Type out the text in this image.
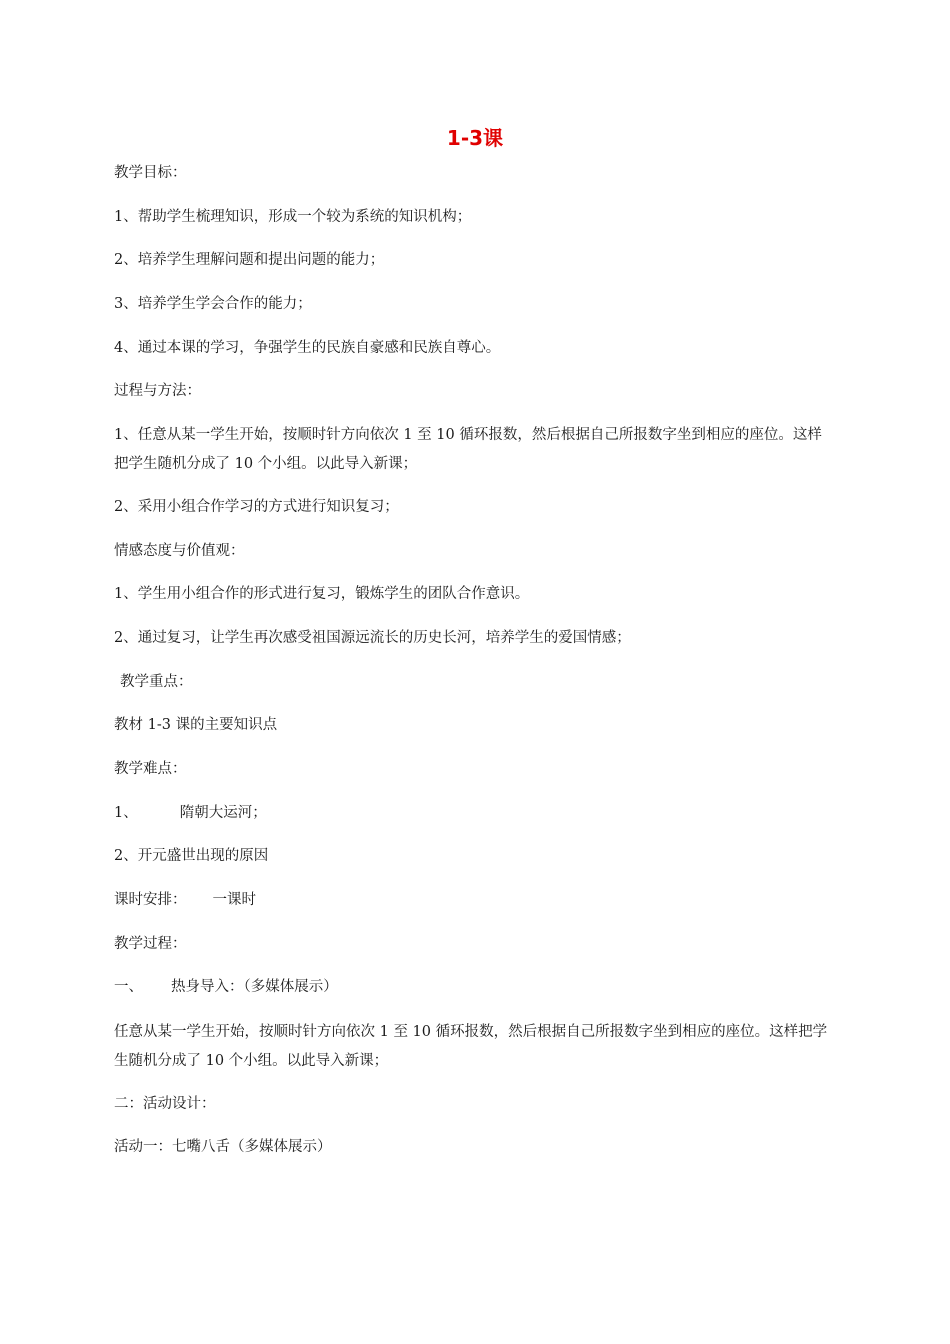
1-3课
教学目标：
1、帮助学生梳理知识，形成一个较为系统的知识机构；
2、培养学生理解问题和提出问题的能力；
3、培养学生学会合作的能力；
4、通过本课的学习，争强学生的民族自豪感和民族自尊心。
过程与方法：
1、任意从某一学生开始，按顺时针方向依次 1 至 10 循环报数，然后根据自己所报数字坐到相应的座位。这样把学生随机分成了 10 个小组。以此导入新课；
2、采用小组合作学习的方式进行知识复习；
情感态度与价值观：
1、学生用小组合作的形式进行复习，锻炼学生的团队合作意识。
2、通过复习，让学生再次感受祖国源远流长的历史长河，培养学生的爱国情感；
教学重点：
教材 1-3 课的主要知识点
教学难点：
1、	隋朝大运河；
2、开元盛世出现的原因
课时安排： 一课时
教学过程：
一、 热身导入：（多媒体展示）
任意从某一学生开始，按顺时针方向依次 1 至 10 循环报数，然后根据自己所报数字坐到相应的座位。这样把学生随机分成了 10 个小组。以此导入新课；
二：活动设计：
活动一：七嘴八舌（多媒体展示）
